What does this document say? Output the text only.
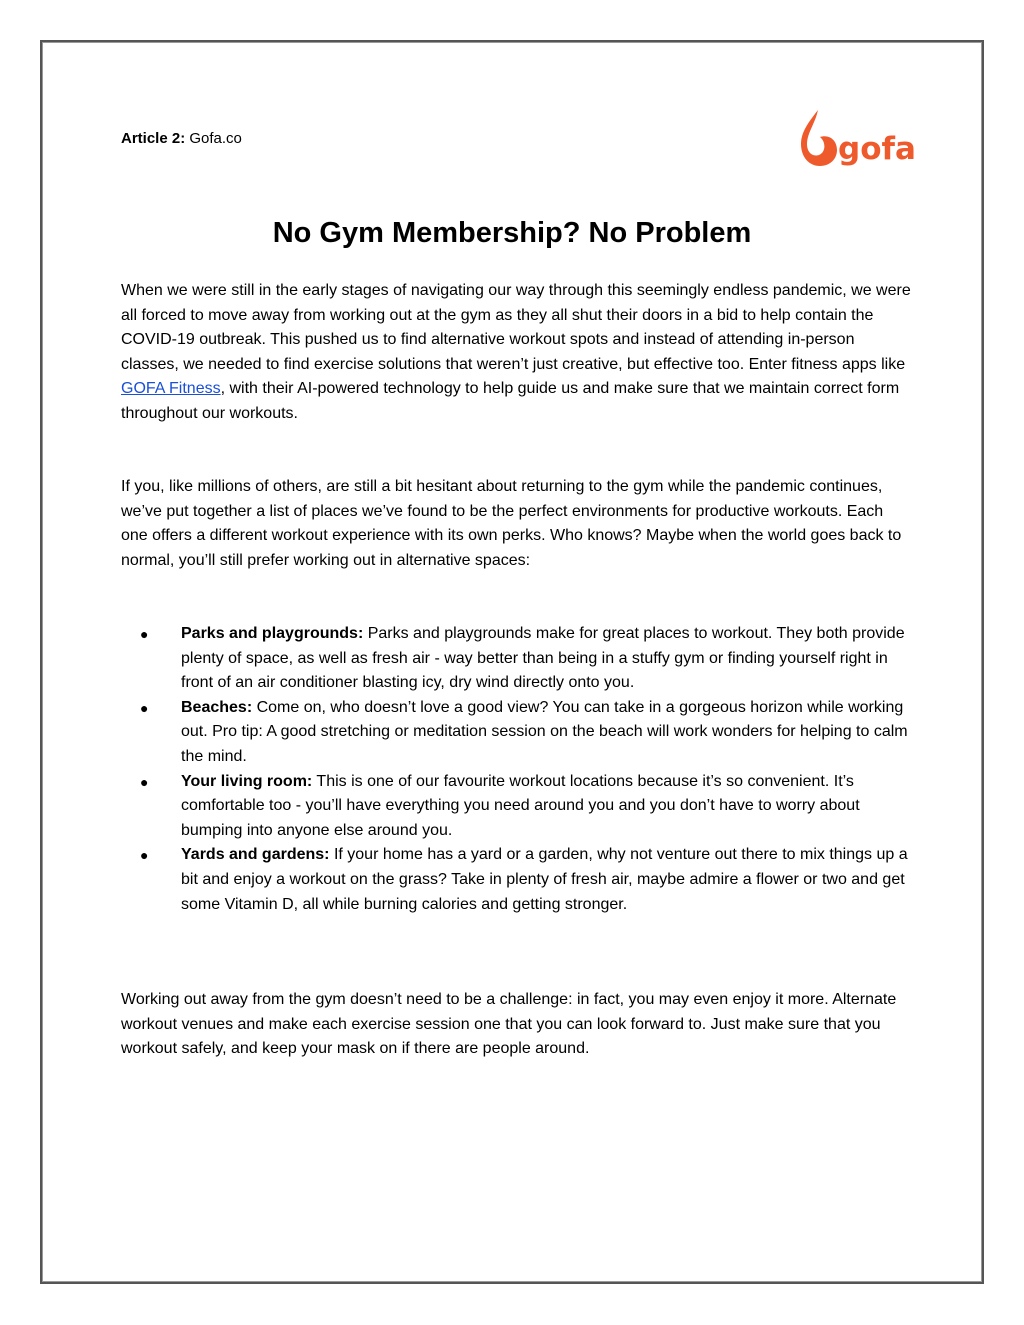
Article 2: Gofa.co	gofa
No Gym Membership? No Problem

When we were still in the early stages of navigating our way through this seemingly endless pandemic, we were all forced to move away from working out at the gym as they all shut their doors in a bid to help contain the COVID-19 outbreak. This pushed us to find alternative workout spots and instead of attending in-person classes, we needed to find exercise solutions that weren’t just creative, but effective too. Enter fitness apps like GOFA Fitness, with their AI-powered technology to help guide us and make sure that we maintain correct form throughout our workouts.

If you, like millions of others, are still a bit hesitant about returning to the gym while the pandemic continues, we’ve put together a list of places we’ve found to be the perfect environments for productive workouts. Each one offers a different workout experience with its own perks. Who knows? Maybe when the world goes back to normal, you’ll still prefer working out in alternative spaces:

● Parks and playgrounds: Parks and playgrounds make for great places to workout. They both provide plenty of space, as well as fresh air - way better than being in a stuffy gym or finding yourself right in front of an air conditioner blasting icy, dry wind directly onto you.
● Beaches: Come on, who doesn’t love a good view? You can take in a gorgeous horizon while working out. Pro tip: A good stretching or meditation session on the beach will work wonders for helping to calm the mind.
● Your living room: This is one of our favourite workout locations because it’s so convenient. It’s comfortable too - you’ll have everything you need around you and you don’t have to worry about bumping into anyone else around you.
● Yards and gardens: If your home has a yard or a garden, why not venture out there to mix things up a bit and enjoy a workout on the grass? Take in plenty of fresh air, maybe admire a flower or two and get some Vitamin D, all while burning calories and getting stronger.

Working out away from the gym doesn’t need to be a challenge: in fact, you may even enjoy it more. Alternate workout venues and make each exercise session one that you can look forward to. Just make sure that you workout safely, and keep your mask on if there are people around.
